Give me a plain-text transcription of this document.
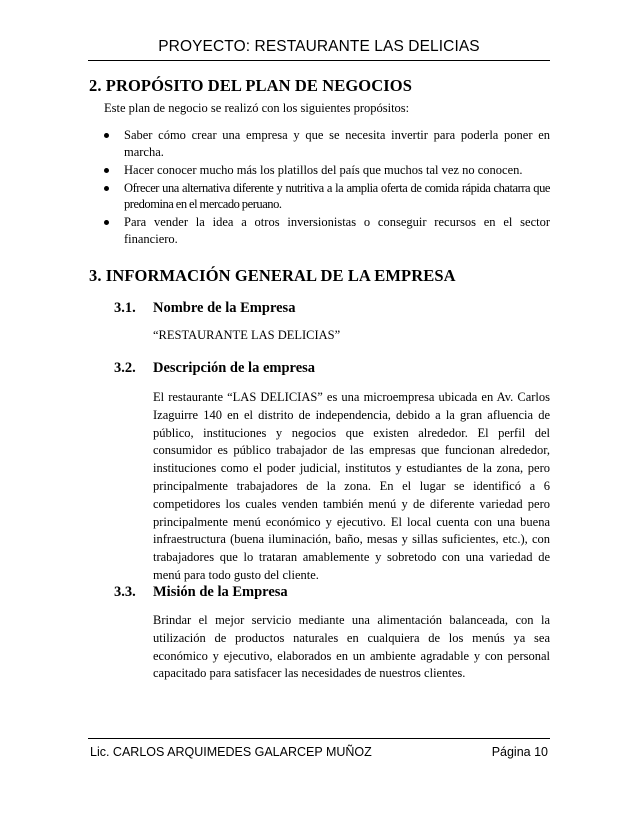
PROYECTO: RESTAURANTE LAS DELICIAS
2. PROPÓSITO DEL PLAN DE NEGOCIOS
Este plan de negocio se realizó con los siguientes propósitos:
Saber cómo crear una empresa y que se necesita invertir para poderla poner en marcha.
Hacer conocer mucho más los platillos del país que muchos tal vez no conocen.
Ofrecer una alternativa diferente y nutritiva a la amplia oferta de comida rápida chatarra que predomina en el mercado peruano.
Para vender la idea a otros inversionistas o conseguir recursos en el sector financiero.
3. INFORMACIÓN GENERAL DE LA EMPRESA
3.1. Nombre de la Empresa
“RESTAURANTE LAS DELICIAS”
3.2. Descripción de la empresa
El restaurante “LAS DELICIAS” es una microempresa ubicada en Av. Carlos Izaguirre 140 en el distrito de independencia, debido a la gran afluencia de público, instituciones y negocios que existen alrededor. El perfil del consumidor es público trabajador de las empresas que funcionan alrededor, instituciones como el poder judicial, institutos y estudiantes de la zona, pero principalmente trabajadores de la zona. En el lugar se identificó a 6 competidores los cuales venden también menú y de diferente variedad pero principalmente menú económico y ejecutivo. El local cuenta con una buena infraestructura (buena iluminación, baño, mesas y sillas suficientes, etc.), con trabajadores que lo trataran amablemente y sobretodo con una variedad de menú para todo gusto del cliente.
3.3. Misión de la Empresa
Brindar el mejor servicio mediante una alimentación balanceada, con la utilización de productos naturales en cualquiera de los menús ya sea económico y ejecutivo, elaborados en un ambiente agradable y con personal capacitado para satisfacer las necesidades de nuestros clientes.
Lic. CARLOS ARQUIMEDES GALARCEP MUÑOZ	Página 10
